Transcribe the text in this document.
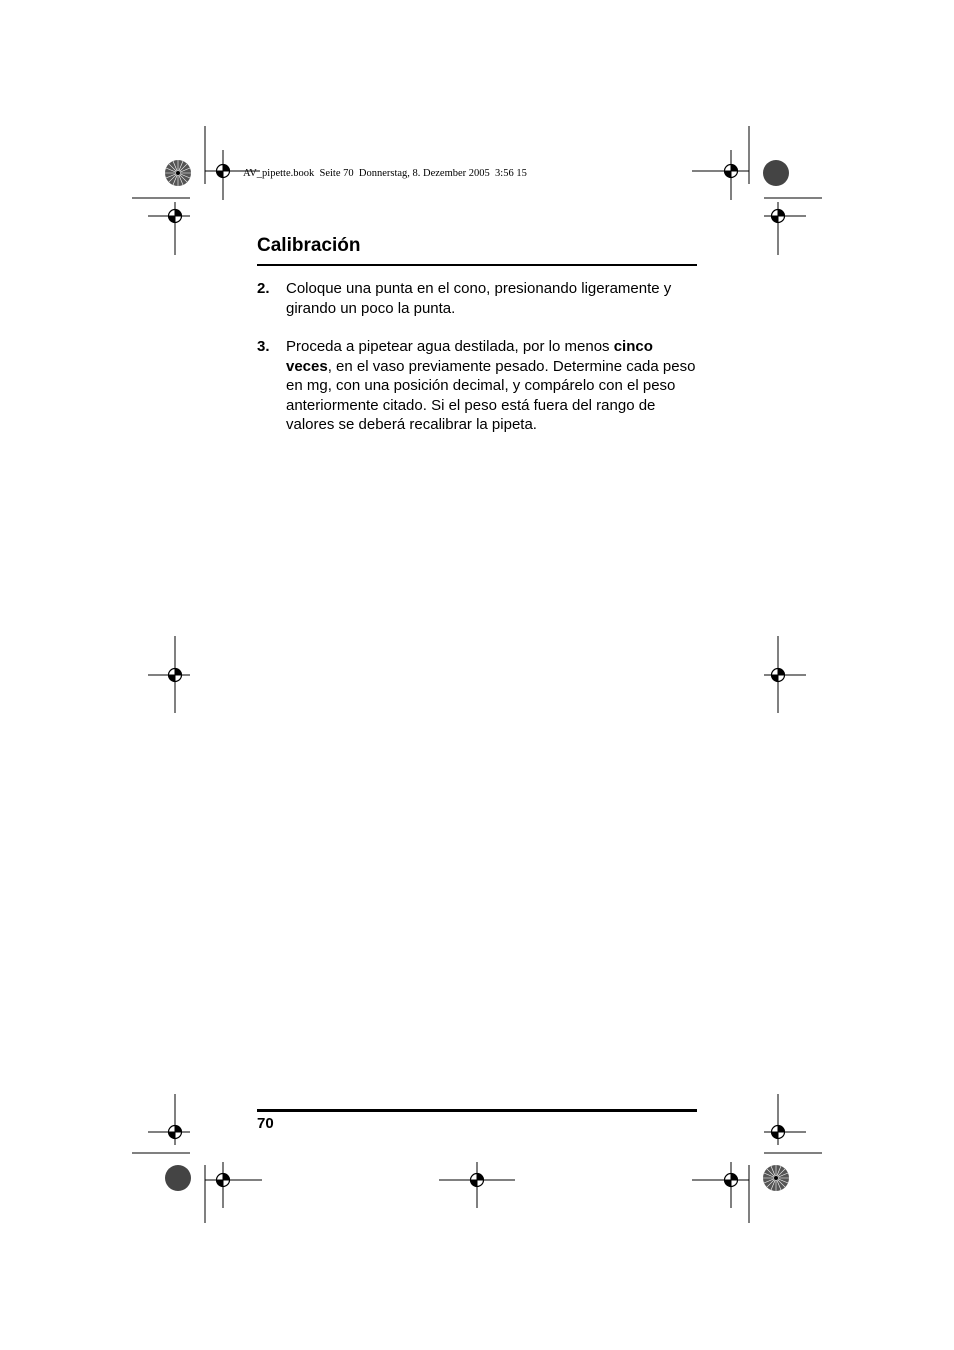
AV_pipette.book  Seite 70  Donnerstag, 8. Dezember 2005  3:56 15
Calibración
2. Coloque una punta en el cono, presionando ligeramente y girando un poco la punta.
3. Proceda a pipetear agua destilada, por lo menos cinco veces, en el vaso previamente pesado. Determine cada peso en mg, con una posición decimal, y compárelo con el peso anteriormente citado. Si el peso está fuera del rango de valores se deberá recalibrar la pipeta.
70
